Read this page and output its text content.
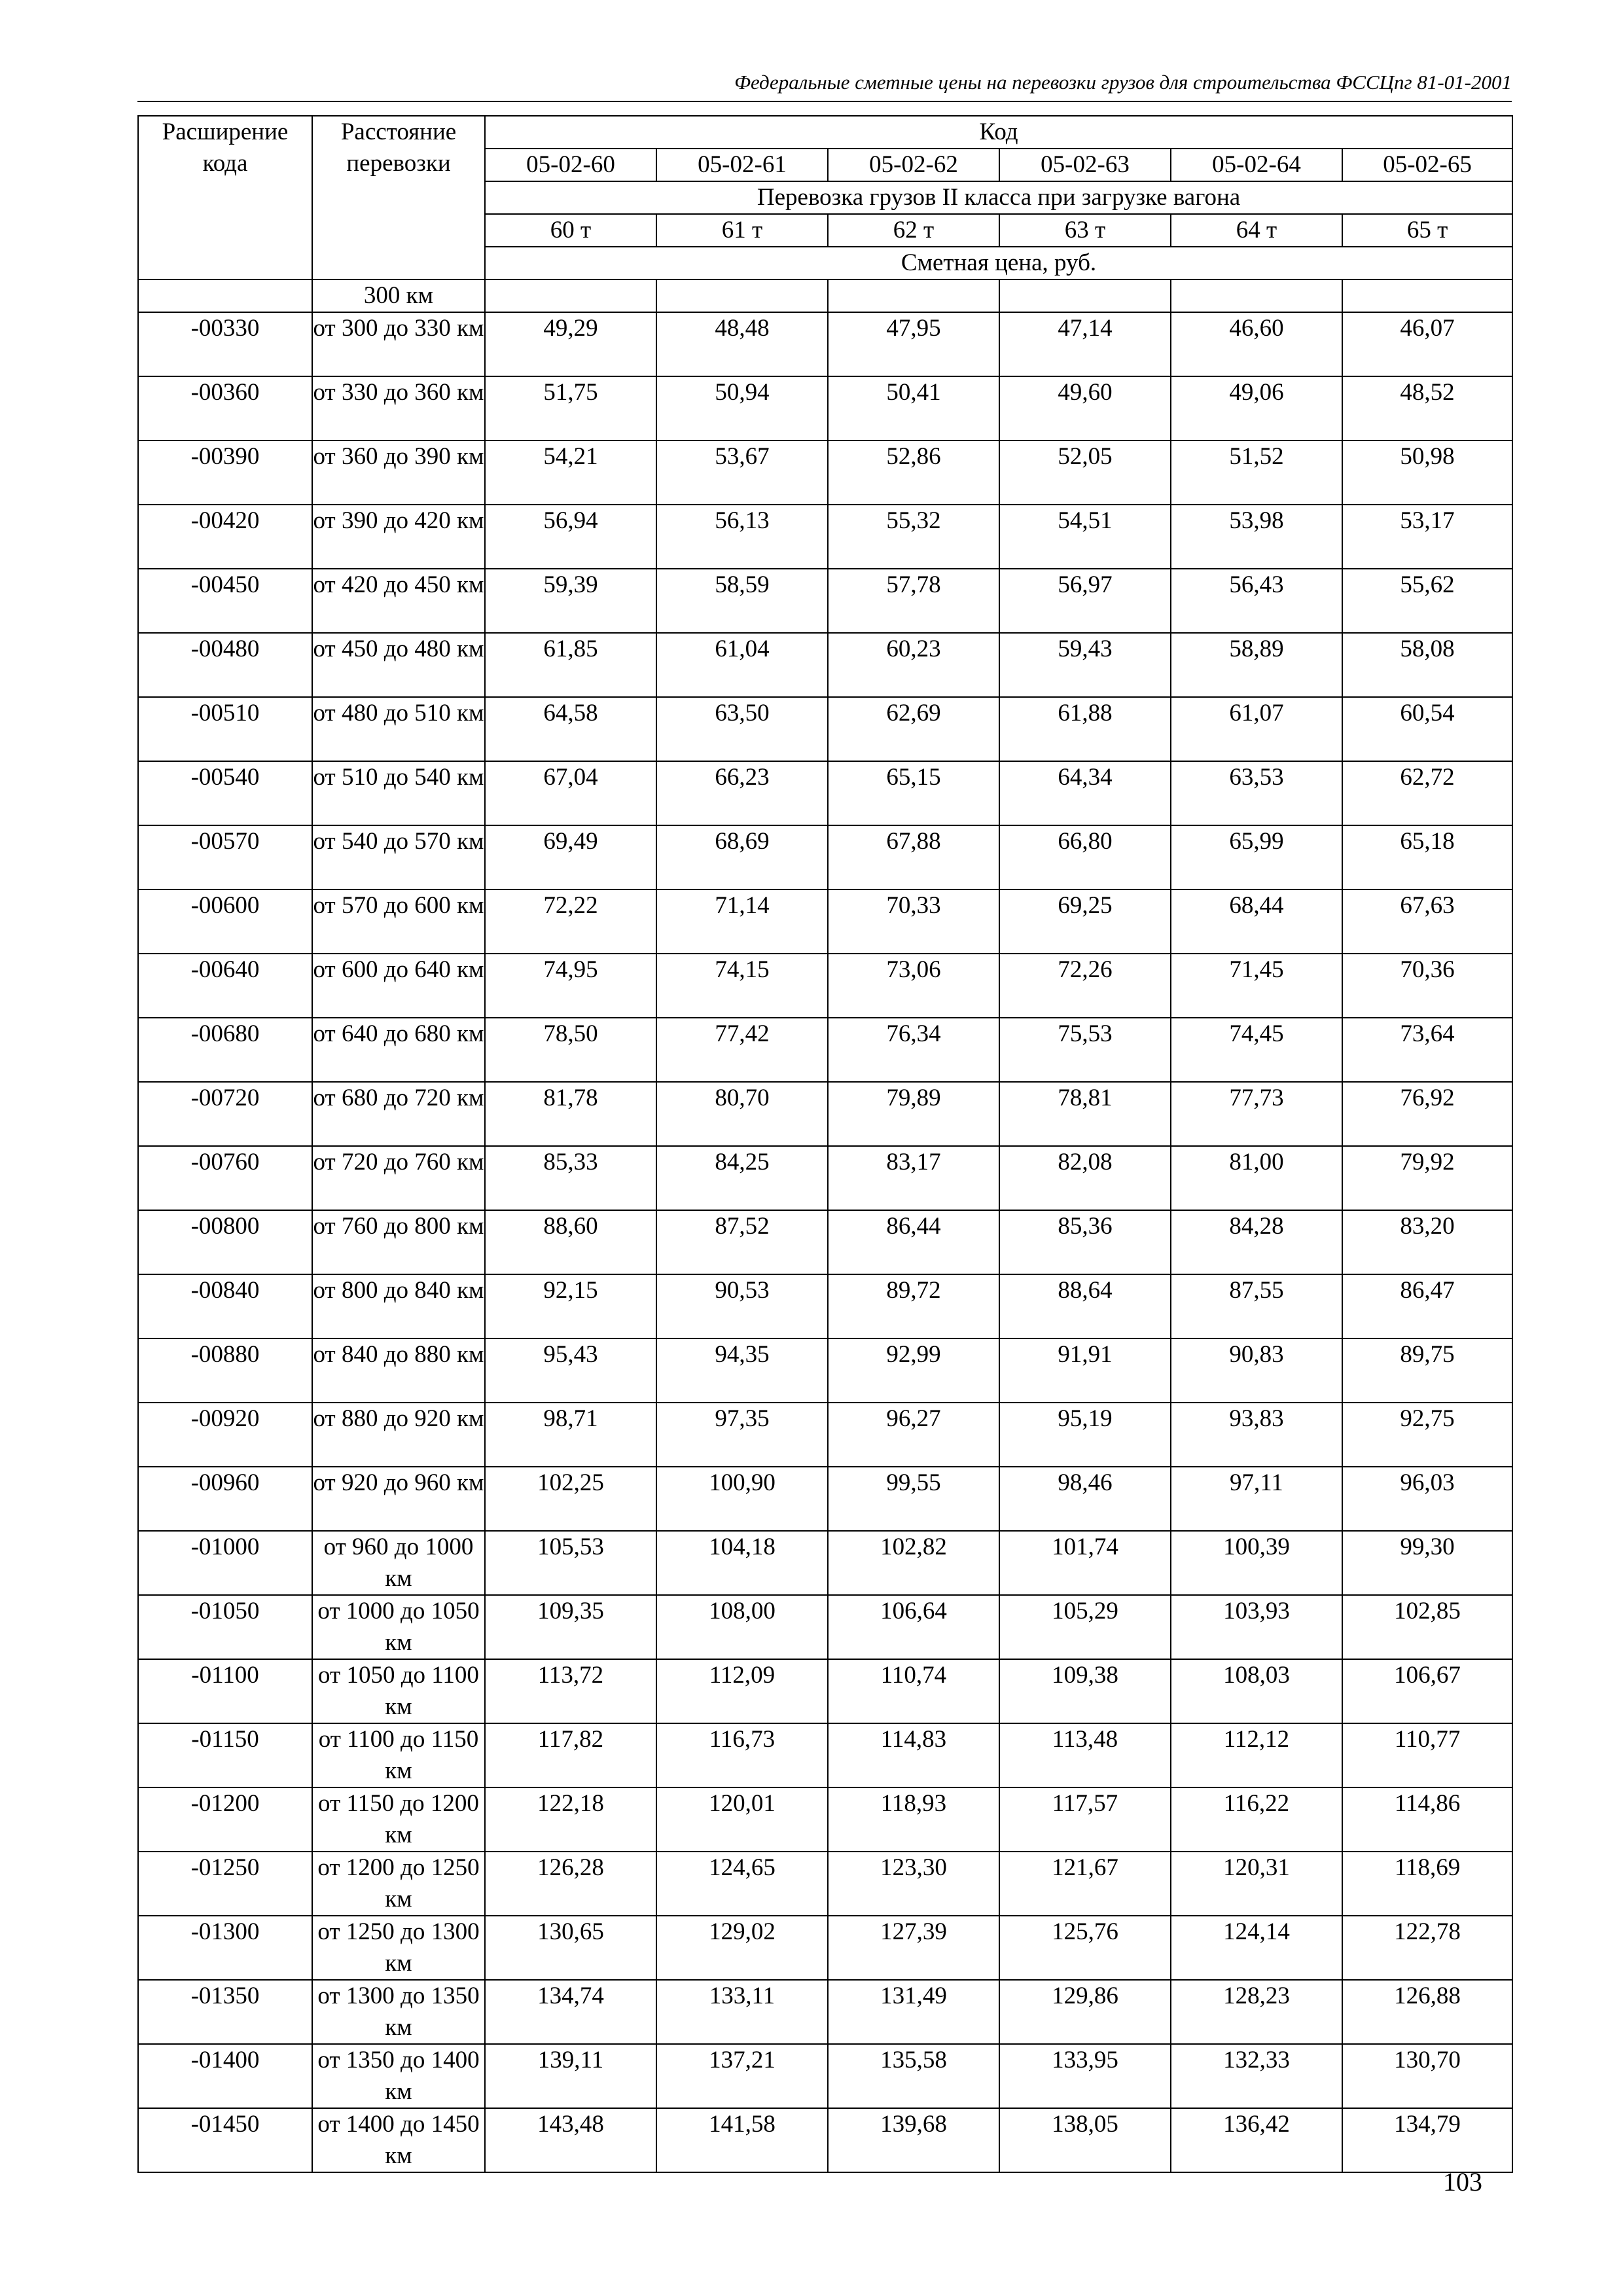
Федеральные сметные цены на перевозки грузов для строительства ФССЦпг 81-01-2001
Расширение кода	Расстояние перевозки	Код					
		05-02-60	05-02-61	05-02-62	05-02-63	05-02-64	05-02-65
		Перевозка грузов II класса при загрузке вагона					
		60 т	61 т	62 т	63 т	64 т	65 т
		Сметная цена, руб.					
	300 км						
-00330	от 300 до 330 км	49,29	48,48	47,95	47,14	46,60	46,07
-00360	от 330 до 360 км	51,75	50,94	50,41	49,60	49,06	48,52
-00390	от 360 до 390 км	54,21	53,67	52,86	52,05	51,52	50,98
-00420	от 390 до 420 км	56,94	56,13	55,32	54,51	53,98	53,17
-00450	от 420 до 450 км	59,39	58,59	57,78	56,97	56,43	55,62
-00480	от 450 до 480 км	61,85	61,04	60,23	59,43	58,89	58,08
-00510	от 480 до 510 км	64,58	63,50	62,69	61,88	61,07	60,54
-00540	от 510 до 540 км	67,04	66,23	65,15	64,34	63,53	62,72
-00570	от 540 до 570 км	69,49	68,69	67,88	66,80	65,99	65,18
-00600	от 570 до 600 км	72,22	71,14	70,33	69,25	68,44	67,63
-00640	от 600 до 640 км	74,95	74,15	73,06	72,26	71,45	70,36
-00680	от 640 до 680 км	78,50	77,42	76,34	75,53	74,45	73,64
-00720	от 680 до 720 км	81,78	80,70	79,89	78,81	77,73	76,92
-00760	от 720 до 760 км	85,33	84,25	83,17	82,08	81,00	79,92
-00800	от 760 до 800 км	88,60	87,52	86,44	85,36	84,28	83,20
-00840	от 800 до 840 км	92,15	90,53	89,72	88,64	87,55	86,47
-00880	от 840 до 880 км	95,43	94,35	92,99	91,91	90,83	89,75
-00920	от 880 до 920 км	98,71	97,35	96,27	95,19	93,83	92,75
-00960	от 920 до 960 км	102,25	100,90	99,55	98,46	97,11	96,03
-01000	от 960 до 1000 км	105,53	104,18	102,82	101,74	100,39	99,30
-01050	от 1000 до 1050 км	109,35	108,00	106,64	105,29	103,93	102,85
-01100	от 1050 до 1100 км	113,72	112,09	110,74	109,38	108,03	106,67
-01150	от 1100 до 1150 км	117,82	116,73	114,83	113,48	112,12	110,77
-01200	от 1150 до 1200 км	122,18	120,01	118,93	117,57	116,22	114,86
-01250	от 1200 до 1250 км	126,28	124,65	123,30	121,67	120,31	118,69
-01300	от 1250 до 1300 км	130,65	129,02	127,39	125,76	124,14	122,78
-01350	от 1300 до 1350 км	134,74	133,11	131,49	129,86	128,23	126,88
-01400	от 1350 до 1400 км	139,11	137,21	135,58	133,95	132,33	130,70
-01450	от 1400 до 1450 км	143,48	141,58	139,68	138,05	136,42	134,79
103
